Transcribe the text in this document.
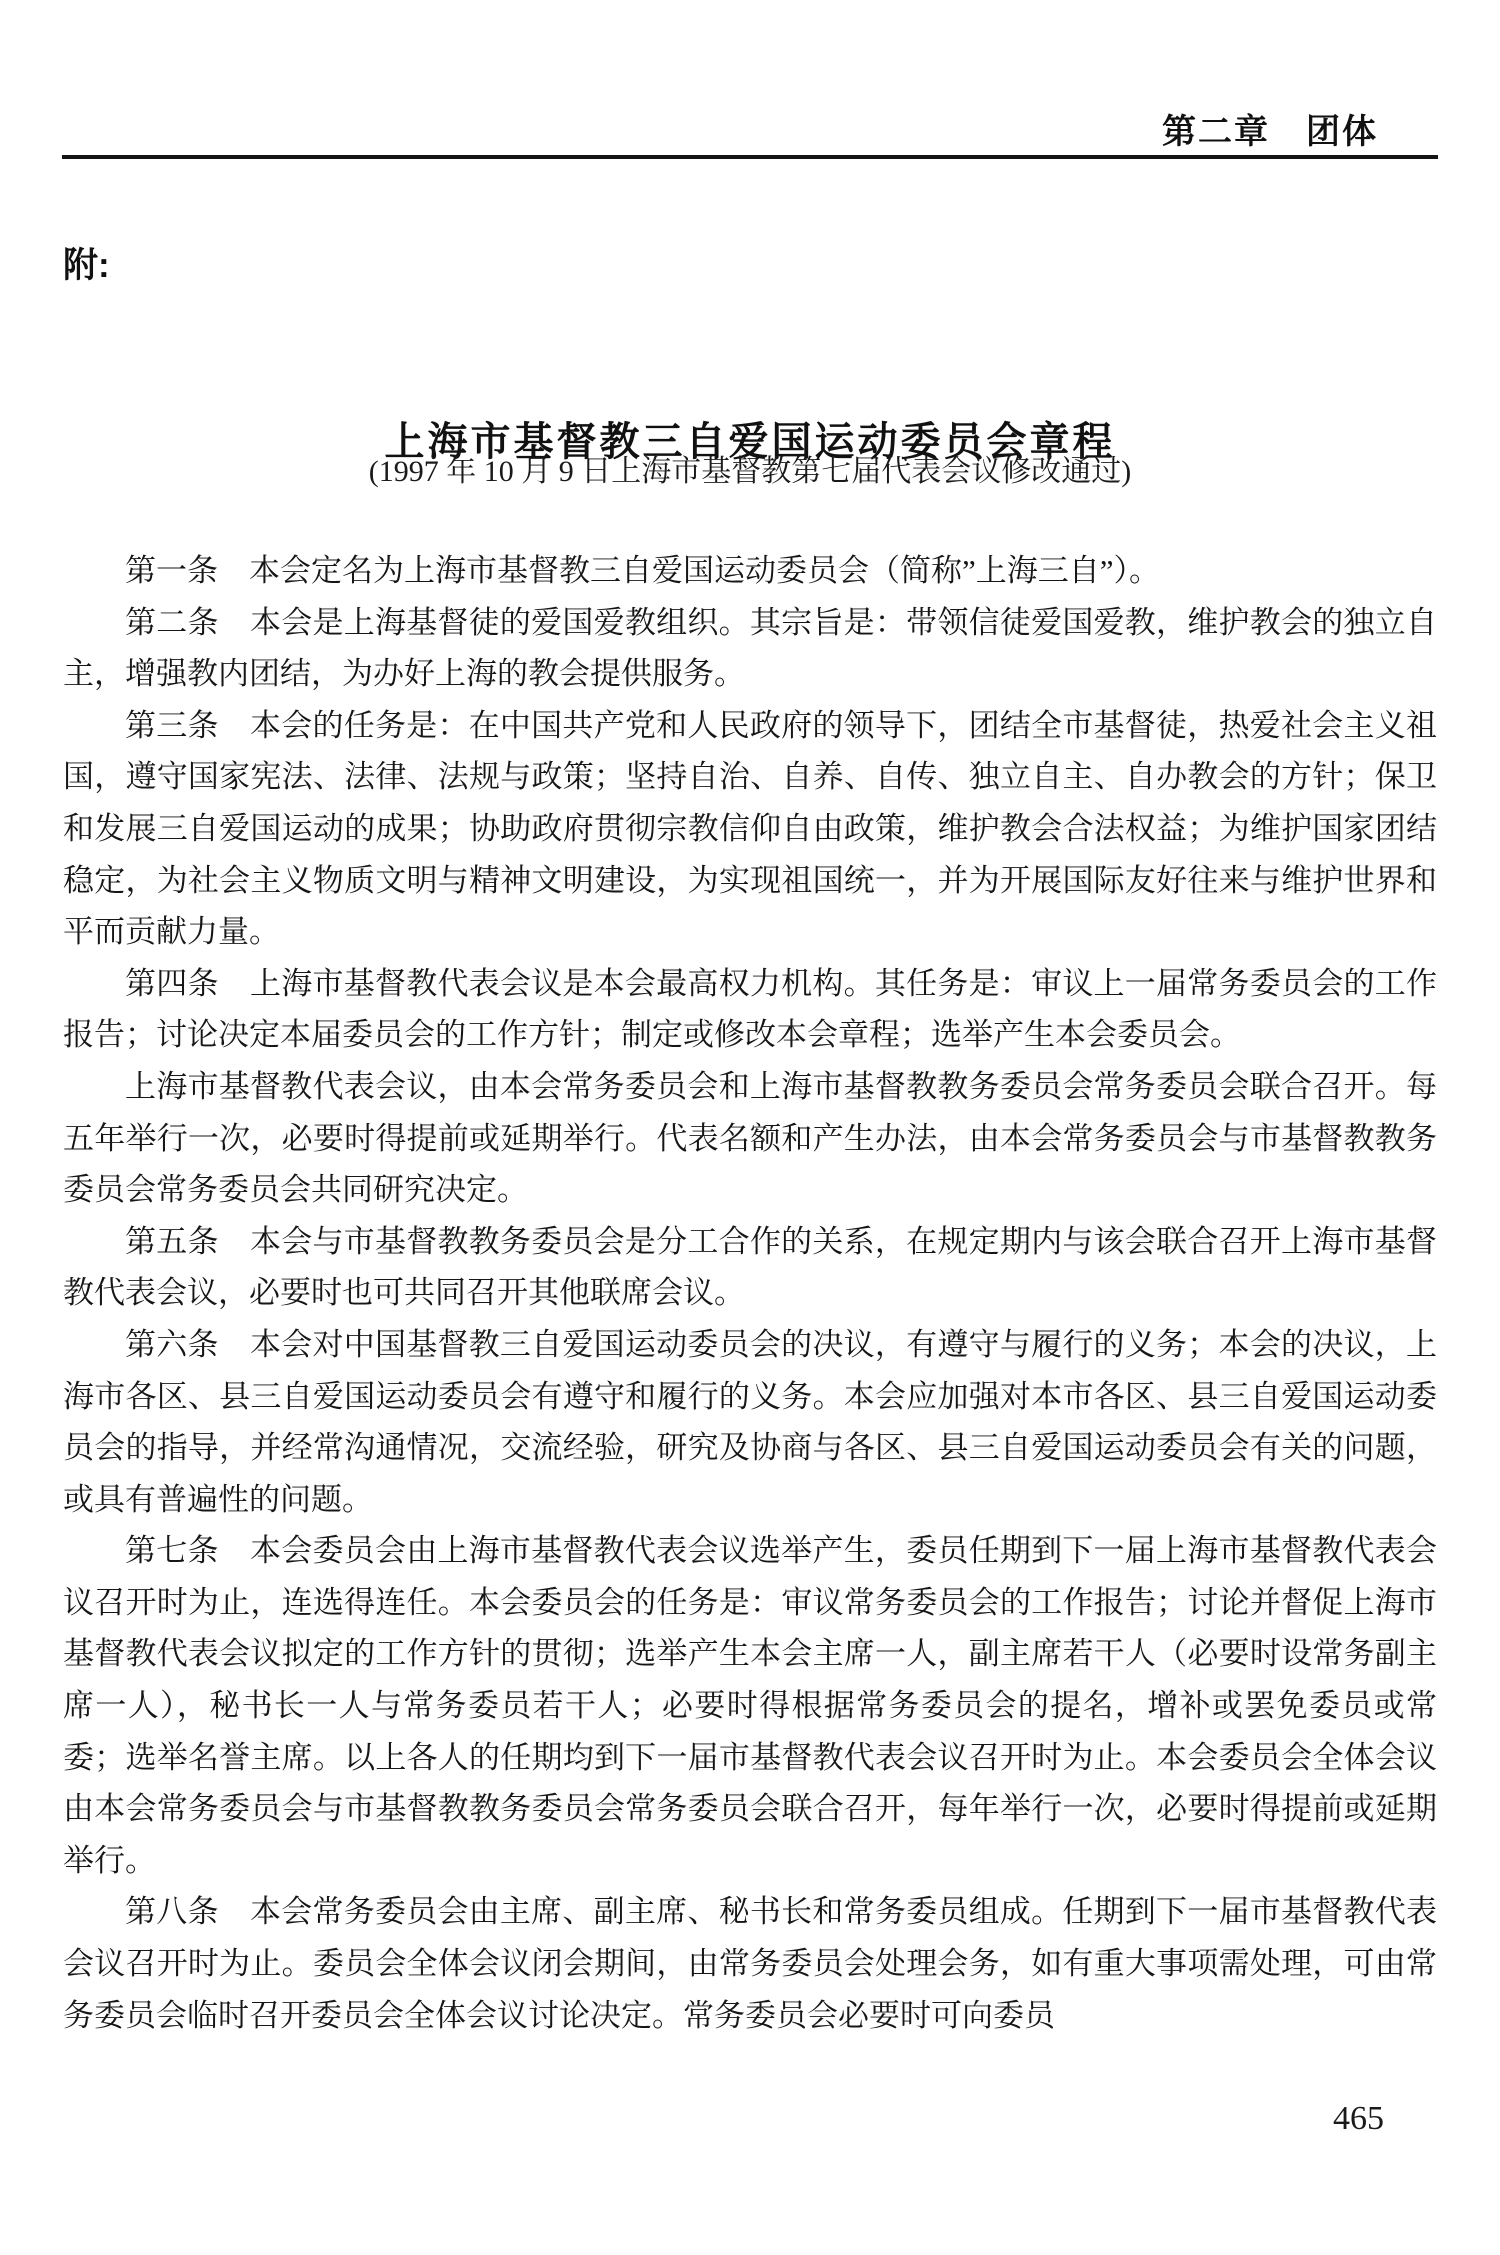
第二章　团体
附:
上海市基督教三自爱国运动委员会章程
(1997 年 10 月 9 日上海市基督教第七届代表会议修改通过)

第一条　本会定名为上海市基督教三自爱国运动委员会（简称”上海三自”）。

第二条　本会是上海基督徒的爱国爱教组织。其宗旨是：带领信徒爱国爱教，维护教会的独立自主，增强教内团结，为办好上海的教会提供服务。

第三条　本会的任务是：在中国共产党和人民政府的领导下，团结全市基督徒，热爱社会主义祖国，遵守国家宪法、法律、法规与政策；坚持自治、自养、自传、独立自主、自办教会的方针；保卫和发展三自爱国运动的成果；协助政府贯彻宗教信仰自由政策，维护教会合法权益；为维护国家团结稳定，为社会主义物质文明与精神文明建设，为实现祖国统一，并为开展国际友好往来与维护世界和平而贡献力量。

第四条　上海市基督教代表会议是本会最高权力机构。其任务是：审议上一届常务委员会的工作报告；讨论决定本届委员会的工作方针；制定或修改本会章程；选举产生本会委员会。

上海市基督教代表会议，由本会常务委员会和上海市基督教教务委员会常务委员会联合召开。每五年举行一次，必要时得提前或延期举行。代表名额和产生办法，由本会常务委员会与市基督教教务委员会常务委员会共同研究决定。

第五条　本会与市基督教教务委员会是分工合作的关系，在规定期内与该会联合召开上海市基督教代表会议，必要时也可共同召开其他联席会议。

第六条　本会对中国基督教三自爱国运动委员会的决议，有遵守与履行的义务；本会的决议，上海市各区、县三自爱国运动委员会有遵守和履行的义务。本会应加强对本市各区、县三自爱国运动委员会的指导，并经常沟通情况，交流经验，研究及协商与各区、县三自爱国运动委员会有关的问题，或具有普遍性的问题。

第七条　本会委员会由上海市基督教代表会议选举产生，委员任期到下一届上海市基督教代表会议召开时为止，连选得连任。本会委员会的任务是：审议常务委员会的工作报告；讨论并督促上海市基督教代表会议拟定的工作方针的贯彻；选举产生本会主席一人，副主席若干人（必要时设常务副主席一人），秘书长一人与常务委员若干人；必要时得根据常务委员会的提名，增补或罢免委员或常委；选举名誉主席。以上各人的任期均到下一届市基督教代表会议召开时为止。本会委员会全体会议由本会常务委员会与市基督教教务委员会常务委员会联合召开，每年举行一次，必要时得提前或延期举行。

第八条　本会常务委员会由主席、副主席、秘书长和常务委员组成。任期到下一届市基督教代表会议召开时为止。委员会全体会议闭会期间，由常务委员会处理会务，如有重大事项需处理，可由常务委员会临时召开委员会全体会议讨论决定。常务委员会必要时可向委员

465
